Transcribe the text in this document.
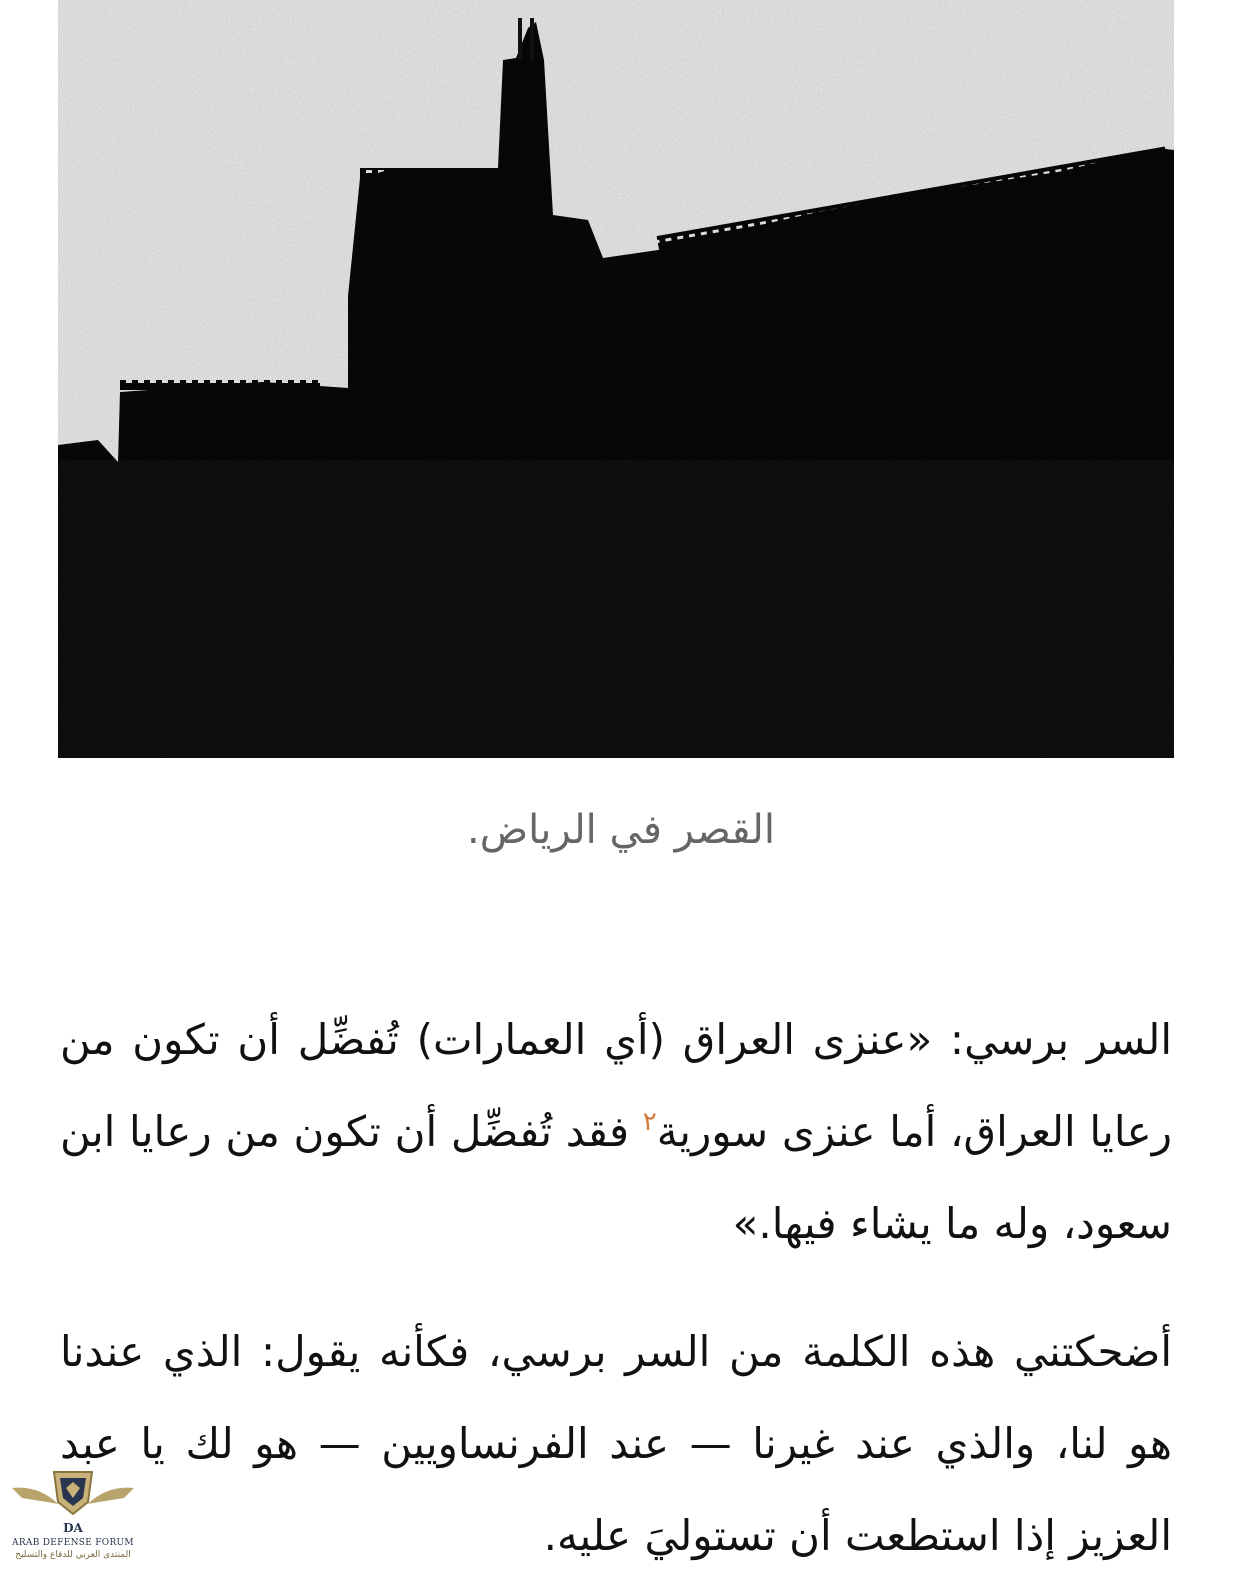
القصر في الرياض.

السر برسي: «عنزى العراق (أي العمارات) تُفضِّل أن تكون من رعايا العراق، أما عنزى سورية$^٢$ فقد تُفضِّل أن تكون من رعايا ابن سعود، وله ما يشاء فيها.»

أضحكتني هذه الكلمة من السر برسي، فكأنه يقول: الذي عندنا هو لنا، والذي عند غيرنا — عند الفرنساويين — هو لك يا عبد العزيز إذا استطعت أن تستوليَ عليه.

DA
ARAB DEFENSE FORUM
المنتدى العربي للدفاع والتسليح
